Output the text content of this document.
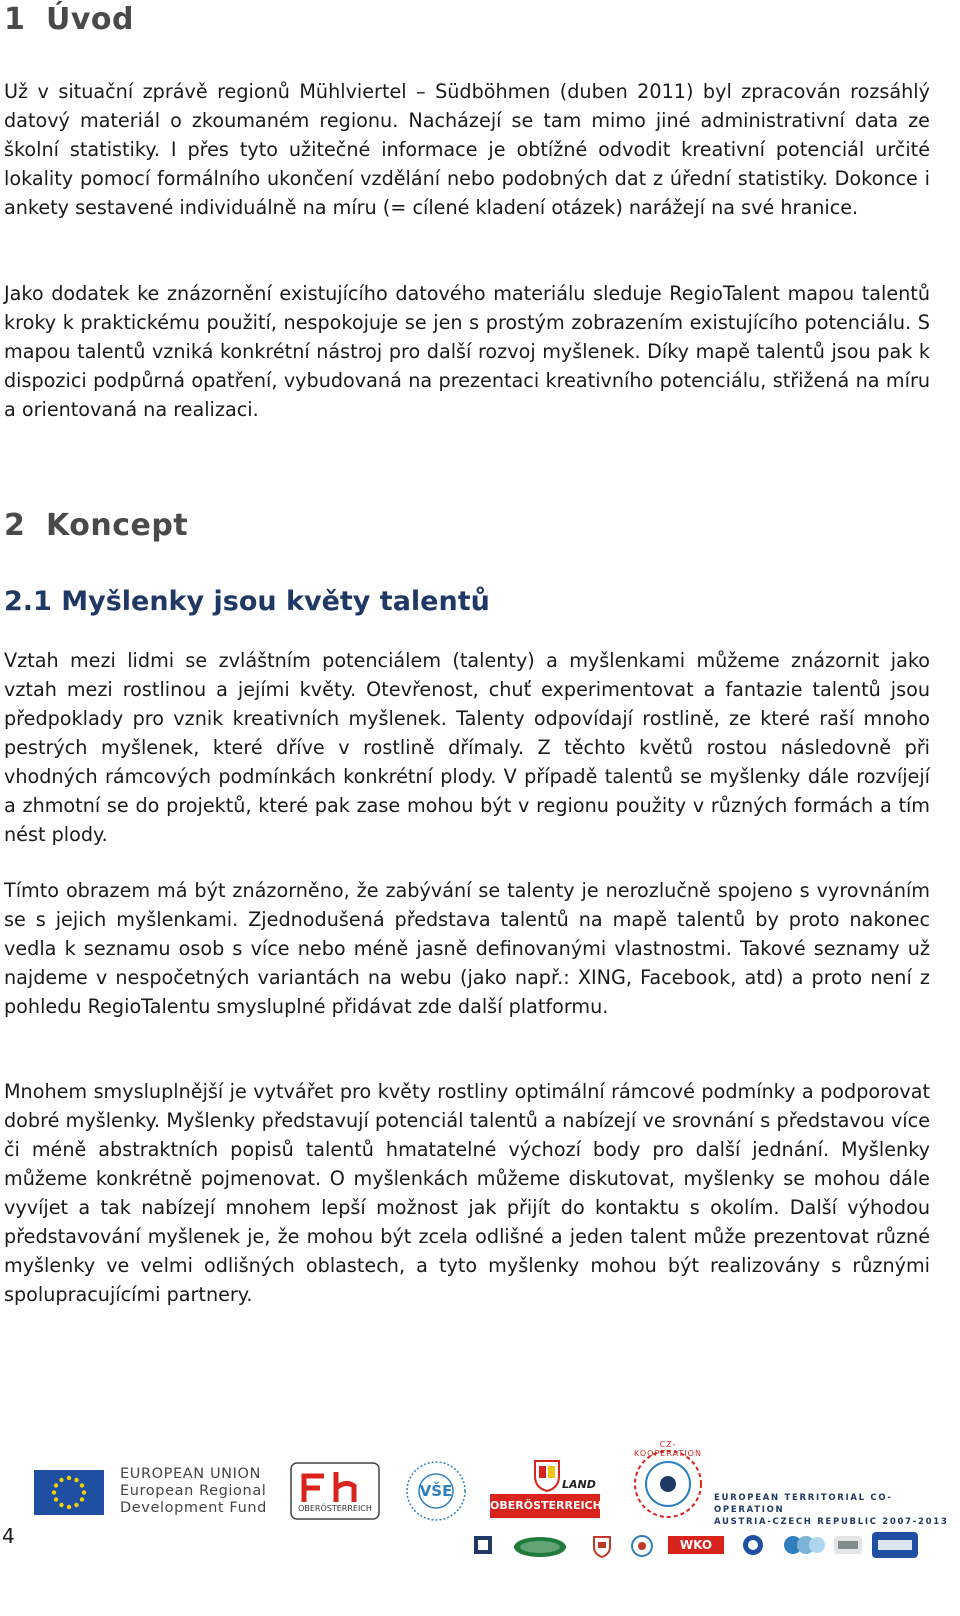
1 Úvod

Už v situační zprávě regionů Mühlviertel – Südböhmen (duben 2011) byl zpracován rozsáhlý datový materiál o zkoumaném regionu. Nacházejí se tam mimo jiné administrativní data ze školní statistiky. I přes tyto užitečné informace je obtížné odvodit kreativní potenciál určité lokality pomocí formálního ukončení vzdělání nebo podobných dat z úřední statistiky. Dokonce i ankety sestavené individuálně na míru (= cílené kladení otázek) narážejí na své hranice.

Jako dodatek ke znázornění existujícího datového materiálu sleduje RegioTalent mapou talentů kroky k praktickému použití, nespokojuje se jen s prostým zobrazením existujícího potenciálu. S mapou talentů vzniká konkrétní nástroj pro další rozvoj myšlenek. Díky mapě talentů jsou pak k dispozici podpůrná opatření, vybudovaná na prezentaci kreativního potenciálu, střižená na míru a orientovaná na realizaci.

2 Koncept
2.1 Myšlenky jsou květy talentů

Vztah mezi lidmi se zvláštním potenciálem (talenty) a myšlenkami můžeme znázornit jako vztah mezi rostlinou a jejími květy. Otevřenost, chuť experimentovat a fantazie talentů jsou předpoklady pro vznik kreativních myšlenek. Talenty odpovídají rostlině, ze které raší mnoho pestrých myšlenek, které dříve v rostlině dřímaly. Z těchto květů rostou následovně při vhodných rámcových podmínkách konkrétní plody. V případě talentů se myšlenky dále rozvíjejí a zhmotní se do projektů, které pak zase mohou být v regionu použity v různých formách a tím nést plody.

Tímto obrazem má být znázorněno, že zabývání se talenty je nerozlučně spojeno s vyrovnáním se s jejich myšlenkami. Zjednodušená představa talentů na mapě talentů by proto nakonec vedla k seznamu osob s více nebo méně jasně definovanými vlastnostmi. Takové seznamy už najdeme v nespočetných variantách na webu (jako např.: XING, Facebook, atd) a proto není z pohledu RegioTalentu smysluplné přidávat zde další platformu.

Mnohem smysluplnější je vytvářet pro květy rostliny optimální rámcové podmínky a podporovat dobré myšlenky. Myšlenky představují potenciál talentů a nabízejí ve srovnání s představou více či méně abstraktních popisů talentů hmatatelné výchozí body pro další jednání. Myšlenky můžeme konkrétně pojmenovat. O myšlenkách můžeme diskutovat, myšlenky se mohou dále vyvíjet a tak nabízejí mnohem lepší možnost jak přijít do kontaktu s okolím. Další výhodou představování myšlenek je, že mohou být zcela odlišné a jeden talent může prezentovat různé myšlenky ve velmi odlišných oblastech, a tyto myšlenky mohou být realizovány s různými spolupracujícími partnery.

4
EUROPEAN UNION
European Regional
Development Fund	OBERÖSTERREICH
VŠE	LAND
OBERÖSTERREICH
CZ-KOOPERATION
EUROPEAN TERRITORIAL CO-OPERATION
AUSTRIA-CZECH REPUBLIC 2007-2013
WKO
